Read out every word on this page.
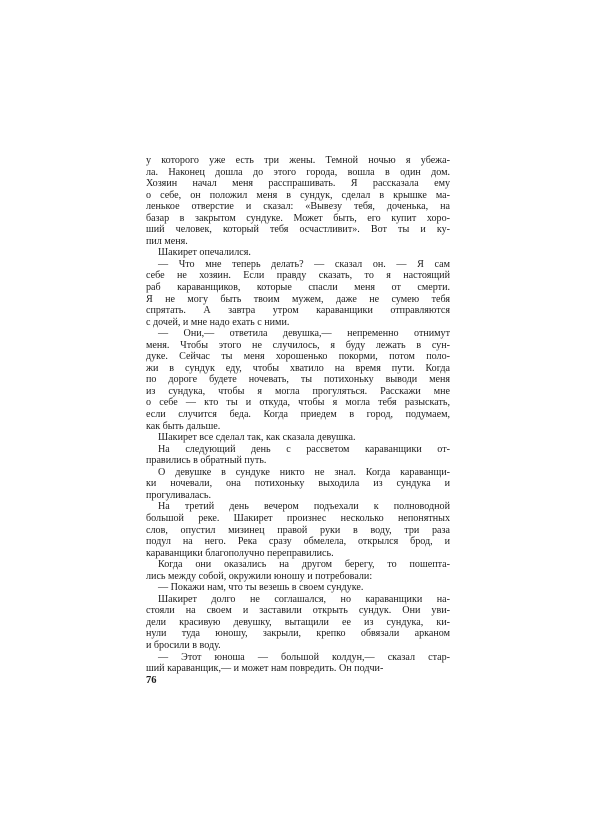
у которого уже есть три жены. Темной ночью я убежа-
ла. Наконец дошла до этого города, вошла в один дом.
Хозяин начал меня расспрашивать. Я рассказала ему
о себе, он положил меня в сундук, сделал в крышке ма-
ленькое отверстие и сказал: «Вывезу тебя, доченька, на
базар в закрытом сундуке. Может быть, его купит хоро-
ший человек, который тебя осчастливит». Вот ты и ку-
пил меня.
Шакирет опечалился.
— Что мне теперь делать? — сказал он. — Я сам
себе не хозяин. Если правду сказать, то я настоящий
раб караванщиков, которые спасли меня от смерти.
Я не могу быть твоим мужем, даже не сумею тебя
спрятать. А завтра утром караванщики отправляются
с дочей, и мне надо ехать с ними.
— Они,— ответила девушка,— непременно отнимут
меня. Чтобы этого не случилось, я буду лежать в сун-
дуке. Сейчас ты меня хорошенько покорми, потом поло-
жи в сундук еду, чтобы хватило на время пути. Когда
по дороге будете ночевать, ты потихоньку выводи меня
из сундука, чтобы я могла прогуляться. Расскажи мне
о себе — кто ты и откуда, чтобы я могла тебя разыскать,
если случится беда. Когда приедем в город, подумаем,
как быть дальше.
Шакирет все сделал так, как сказала девушка.
На следующий день с рассветом караванщики от-
правились в обратный путь.
О девушке в сундуке никто не знал. Когда караванщи-
ки ночевали, она потихоньку выходила из сундука и
прогуливалась.
На третий день вечером подъехали к полноводной
большой реке. Шакирет произнес несколько непонятных
слов, опустил мизинец правой руки в воду, три раза
подул на него. Река сразу обмелела, открылся брод, и
караванщики благополучно переправились.
Когда они оказались на другом берегу, то пошепта-
лись между собой, окружили юношу и потребовали:
— Покажи нам, что ты везешь в своем сундуке.
Шакирет долго не соглашался, но караванщики на-
стояли на своем и заставили открыть сундук. Они уви-
дели красивую девушку, вытащили ее из сундука, ки-
нули туда юношу, закрыли, крепко обвязали арканом
и бросили в воду.
— Этот юноша — большой колдун,— сказал стар-
ший караванщик,— и может нам повредить. Он подчи-
76
